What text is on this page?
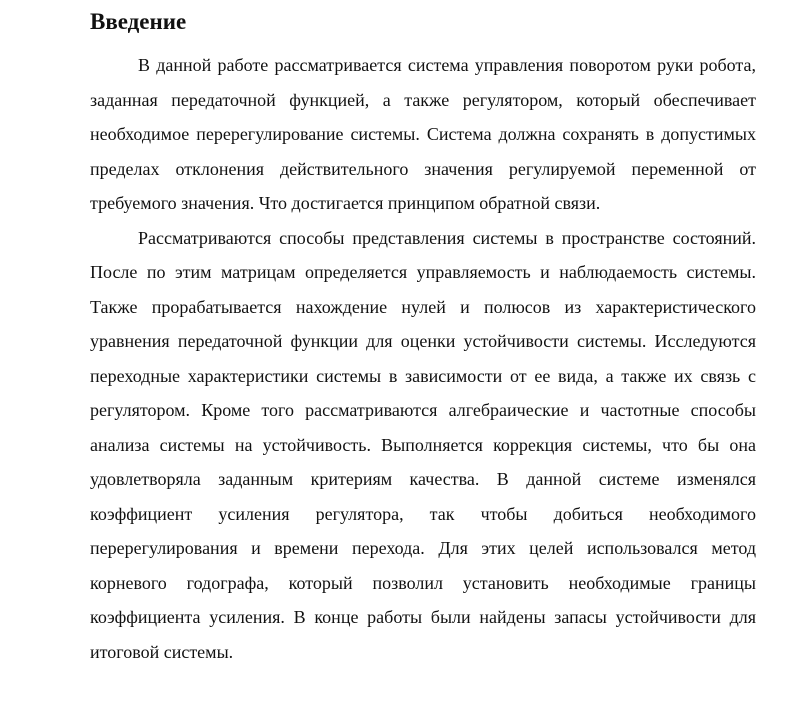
Введение

В данной работе рассматривается система управления поворотом руки робота, заданная передаточной функцией, а также регулятором, который обеспечивает необходимое перерегулирование системы. Система должна сохранять в допустимых пределах отклонения действительного значения регулируемой переменной от требуемого значения. Что достигается принципом обратной связи.

Рассматриваются способы представления системы в пространстве состояний. После по этим матрицам определяется управляемость и наблюдаемость системы. Также прорабатывается нахождение нулей и полюсов из характеристического уравнения передаточной функции для оценки устойчивости системы. Исследуются переходные характеристики системы в зависимости от ее вида, а также их связь с регулятором. Кроме того рассматриваются алгебраические и частотные способы анализа системы на устойчивость. Выполняется коррекция системы, что бы она удовлетворяла заданным критериям качества. В данной системе изменялся коэффициент усиления регулятора, так чтобы добиться необходимого перерегулирования и времени перехода. Для этих целей использовался метод корневого годографа, который позволил установить необходимые границы коэффициента усиления. В конце работы были найдены запасы устойчивости для итоговой системы.
